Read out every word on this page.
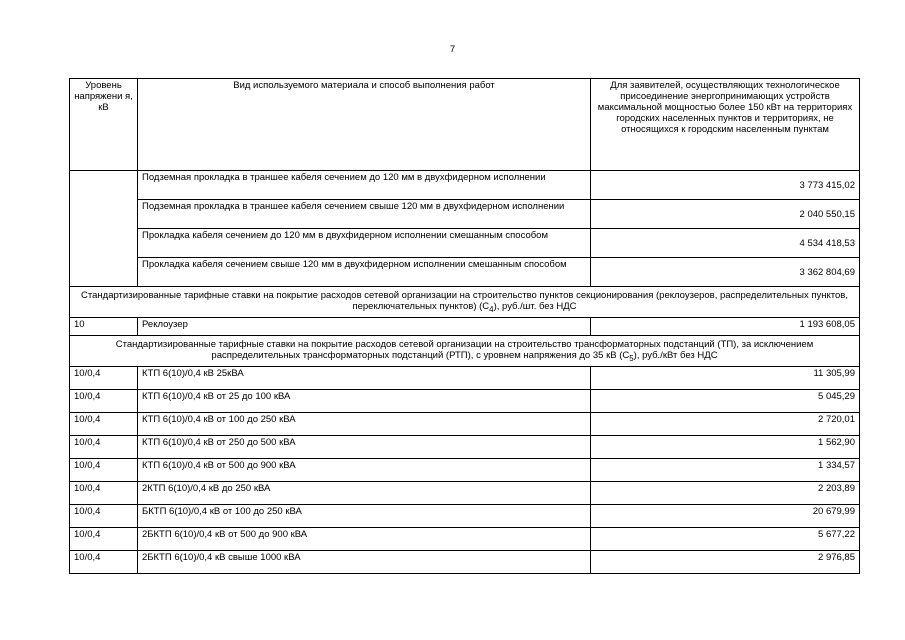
7
Уровень напряжени я, кВ	Вид используемого материала и способ выполнения работ	Для заявителей, осуществляющих технологическое присоединение энергопринимающих устройств максимальной мощностью более 150 кВт на территориях городских населенных пунктов и территориях, не относящихся к городским населенным пунктам
	Подземная прокладка в траншее кабеля сечением до 120 мм в двухфидерном исполнении	3 773 415,02
	Подземная прокладка в траншее кабеля сечением свыше 120 мм в двухфидерном исполнении	2 040 550,15
	Прокладка кабеля сечением до 120 мм в двухфидерном исполнении смешанным способом	4 534 418,53
	Прокладка кабеля сечением свыше 120 мм в двухфидерном исполнении смешанным способом	3 362 804,69
Стандартизированные тарифные ставки на покрытие расходов сетевой организации на строительство пунктов секционирования (реклоузеров, распределительных пунктов, переключательных пунктов) $(C_4)$, руб./шт. без НДС		
10	Реклоузер	1 193 608,05
Стандартизированные тарифные ставки на покрытие расходов сетевой организации на строительство трансформаторных подстанций (ТП), за исключением распределительных трансформаторных подстанций (РТП), с уровнем напряжения до 35 кВ $(C_5)$, руб./кВт без НДС		
10/0,4	КТП 6(10)/0,4 кВ 25кВА	11 305,99
10/0,4	КТП 6(10)/0,4 кВ от 25 до 100 кВА	5 045,29
10/0,4	КТП 6(10)/0,4 кВ от 100 до 250 кВА	2 720,01
10/0,4	КТП 6(10)/0,4 кВ от 250 до 500 кВА	1 562,90
10/0,4	КТП 6(10)/0,4 кВ от 500 до 900 кВА	1 334,57
10/0,4	2КТП 6(10)/0,4 кВ до 250 кВА	2 203,89
10/0,4	БКТП 6(10)/0,4 кВ от 100 до 250 кВА	20 679,99
10/0,4	2БКТП 6(10)/0,4 кВ от 500 до 900 кВА	5 677,22
10/0,4	2БКТП 6(10)/0,4 кВ свыше 1000 кВА	2 976,85
